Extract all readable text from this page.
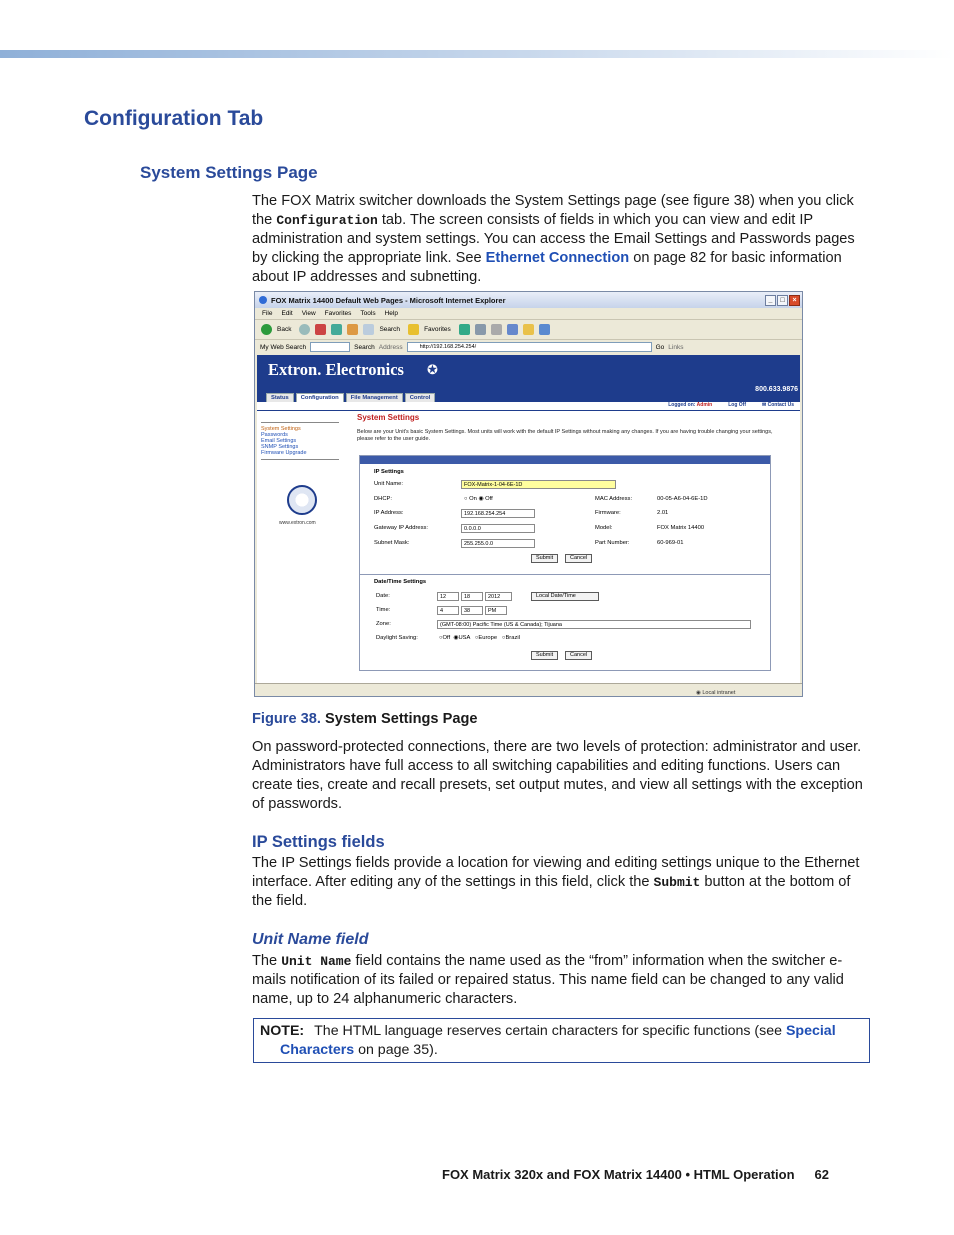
Configuration Tab
System Settings Page
The FOX Matrix switcher downloads the System Settings page (see figure 38) when you click the Configuration tab. The screen consists of fields in which you can view and edit IP administration and system settings. You can access the Email Settings and Passwords pages by clicking the appropriate link. See Ethernet Connection on page 82 for basic information about IP addresses and subnetting.
FOX Matrix 14400 Default Web Pages - Microsoft Internet Explorer	_	□	×
File Edit View Favorites Tools Help
Back	Search	Favorites
My Web Search	Search Address	http://192.168.254.254/	Go Links
Extron. Electronics ✪
800.633.9876
Status	Configuration	File Management	Control
Logged on: Admin	Log Off	✉ Contact Us
System Settings
Passwords
Email Settings
SNMP Settings
Firmware Upgrade
www.extron.com
System Settings
Below are your Unit's basic System Settings. Most units will work with the default IP Settings without making any changes. If you are having trouble changing your settings, please refer to the user guide.
IP Settings
Unit Name:	FOX-Matrix-1-04-6E-1D
DHCP:	○ On ◉ Off
IP Address:	192.168.254.254
Gateway IP Address:	0.0.0.0
Subnet Mask:	255.255.0.0
MAC Address:	00-05-A6-04-6E-1D
Firmware:	2.01
Model:	FOX Matrix 14400
Part Number:	60-969-01
Submit	Cancel
Date/Time Settings
Date:	12	18	2012	Local Date/Time
Time:	4	38	PM
Zone:	(GMT-08:00) Pacific Time (US & Canada); Tijuana
Daylight Saving:	○Off  ◉USA   ○Europe   ○Brazil
Submit	Cancel
◉ Local intranet
Figure 38. System Settings Page
On password-protected connections, there are two levels of protection: administrator and user. Administrators have full access to all switching capabilities and editing functions. Users can create ties, create and recall presets, set output mutes, and view all settings with the exception of passwords.
IP Settings fields
The IP Settings fields provide a location for viewing and editing settings unique to the Ethernet interface. After editing any of the settings in this field, click the Submit button at the bottom of the field.
Unit Name field
The Unit Name field contains the name used as the “from” information when the switcher e-mails notification of its failed or repaired status. This name field can be changed to any valid name, up to 24 alphanumeric characters.
NOTE: The HTML language reserves certain characters for specific functions (see Special Characters on page 35).
FOX Matrix 320x and FOX Matrix 14400 • HTML Operation 62
